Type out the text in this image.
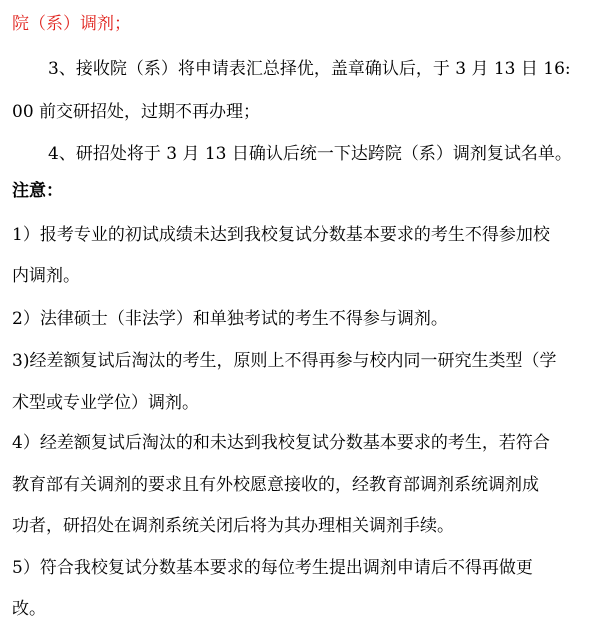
院（系）调剂；
3、接收院（系）将申请表汇总择优，盖章确认后，于 3 月 13 日 16:
00 前交研招处，过期不再办理；
4、研招处将于 3 月 13 日确认后统一下达跨院（系）调剂复试名单。
注意：
1）报考专业的初试成绩未达到我校复试分数基本要求的考生不得参加校
内调剂。
2）法律硕士（非法学）和单独考试的考生不得参与调剂。
3)经差额复试后淘汰的考生，原则上不得再参与校内同一研究生类型（学
术型或专业学位）调剂。
4）经差额复试后淘汰的和未达到我校复试分数基本要求的考生，若符合
教育部有关调剂的要求且有外校愿意接收的，经教育部调剂系统调剂成
功者，研招处在调剂系统关闭后将为其办理相关调剂手续。
5）符合我校复试分数基本要求的每位考生提出调剂申请后不得再做更
改。
